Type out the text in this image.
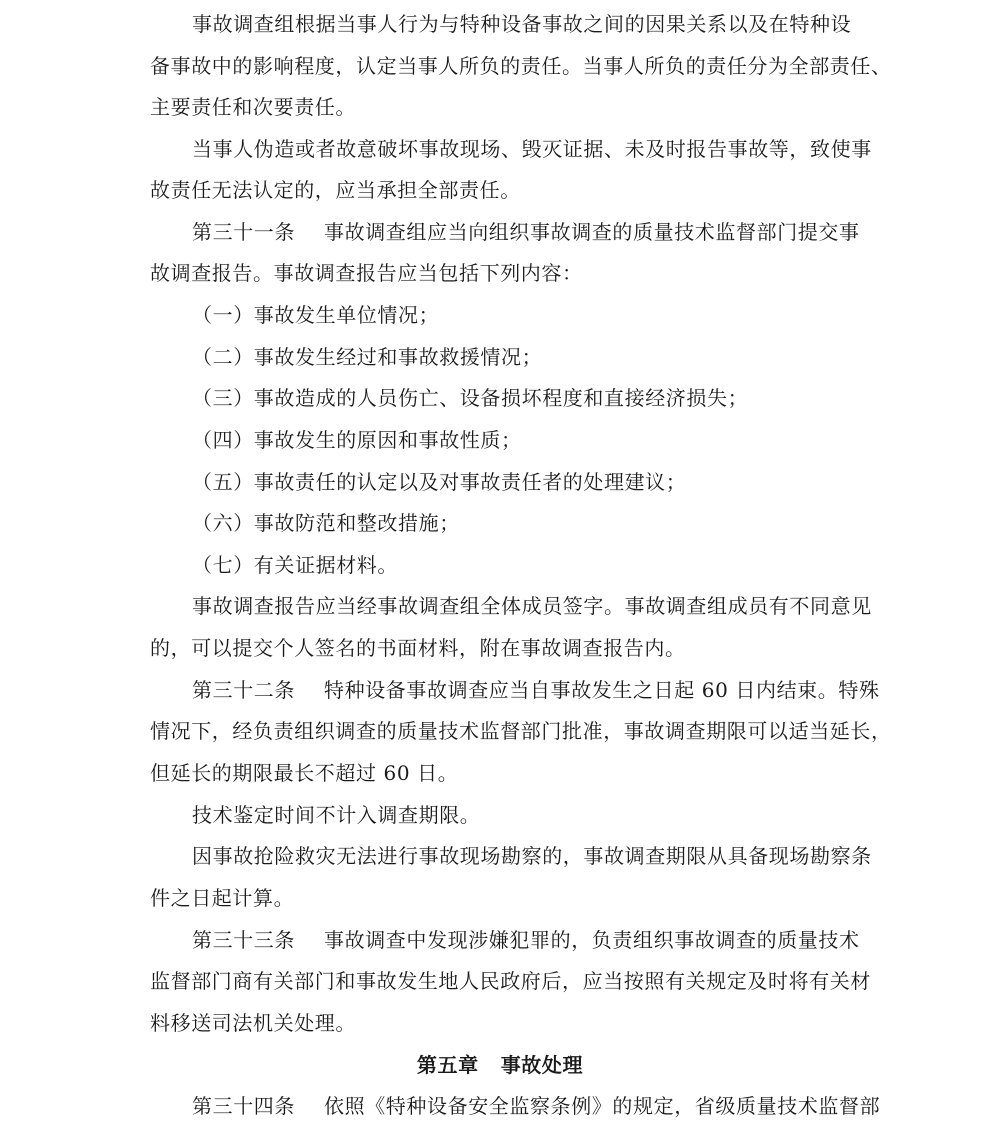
事故调查组根据当事人行为与特种设备事故之间的因果关系以及在特种设
备事故中的影响程度，认定当事人所负的责任。当事人所负的责任分为全部责任、
主要责任和次要责任。
当事人伪造或者故意破坏事故现场、毁灭证据、未及时报告事故等，致使事
故责任无法认定的，应当承担全部责任。
第三十一条 事故调查组应当向组织事故调查的质量技术监督部门提交事
故调查报告。事故调查报告应当包括下列内容：
（一）事故发生单位情况；
（二）事故发生经过和事故救援情况；
（三）事故造成的人员伤亡、设备损坏程度和直接经济损失；
（四）事故发生的原因和事故性质；
（五）事故责任的认定以及对事故责任者的处理建议；
（六）事故防范和整改措施；
（七）有关证据材料。
事故调查报告应当经事故调查组全体成员签字。事故调查组成员有不同意见
的，可以提交个人签名的书面材料，附在事故调查报告内。
第三十二条 特种设备事故调查应当自事故发生之日起 60 日内结束。特殊
情况下，经负责组织调查的质量技术监督部门批准，事故调查期限可以适当延长，
但延长的期限最长不超过 60 日。
技术鉴定时间不计入调查期限。
因事故抢险救灾无法进行事故现场勘察的，事故调查期限从具备现场勘察条
件之日起计算。
第三十三条 事故调查中发现涉嫌犯罪的，负责组织事故调查的质量技术
监督部门商有关部门和事故发生地人民政府后，应当按照有关规定及时将有关材
料移送司法机关处理。
第五章 事故处理
第三十四条 依照《特种设备安全监察条例》的规定，省级质量技术监督部
